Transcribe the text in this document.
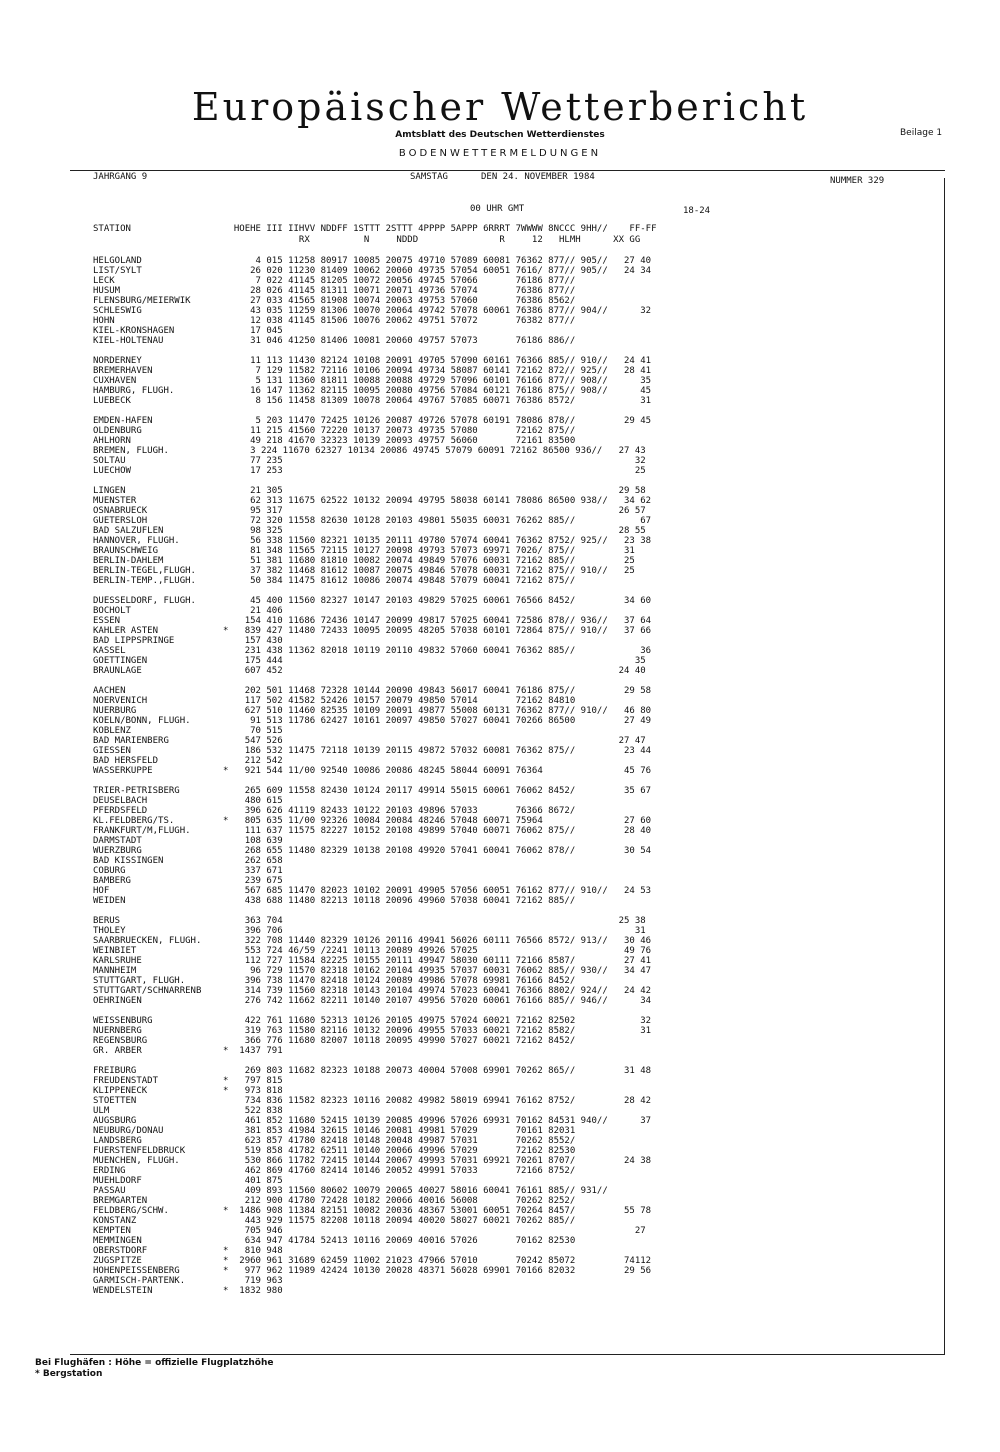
Europäischer Wetterbericht
Amtsblatt des Deutschen Wetterdienstes	Beilage 1
BODENWETTERMELDUNGEN
JAHRGANG 9	SAMSTAG	DEN 24. NOVEMBER 1984	NUMMER 329
00 UHR GMT	18-24
STATION                   HOEHE III IIHVV NDDFF 1STTT 2STTT 4PPPP 5APPP 6RRRT 7WWWW 8NCCC 9HH//    FF-FF
RX          N     NDDD               R     12   HLMH      XX GG
HELGOLAND                     4 015 11258 80917 10085 20075 49710 57089 60081 76362 877// 905//   27 40
LIST/SYLT                    26 020 11230 81409 10062 20060 49735 57054 60051 7616/ 877// 905//   24 34
LECK                          7 022 41145 81205 10072 20056 49745 57066       76186 877//
HUSUM                        28 026 41145 81311 10071 20071 49736 57074       76386 877//
FLENSBURG/MEIERWIK           27 033 41565 81908 10074 20063 49753 57060       76386 8562/
SCHLESWIG                    43 035 11259 81306 10070 20064 49742 57078 60061 76386 877// 904//      32
HOHN                         12 038 41145 81506 10076 20062 49751 57072       76382 877//
KIEL-KRONSHAGEN              17 045
KIEL-HOLTENAU                31 046 41250 81406 10081 20060 49757 57073       76186 886//
NORDERNEY                    11 113 11430 82124 10108 20091 49705 57090 60161 76366 885// 910//   24 41
BREMERHAVEN                   7 129 11582 72116 10106 20094 49734 58087 60141 72162 872// 925//   28 41
CUXHAVEN                      5 131 11360 81811 10088 20088 49729 57096 60101 76166 877// 908//      35
HAMBURG, FLUGH.              16 147 11362 82115 10095 20080 49756 57084 60121 76186 875// 908//      45
LUEBECK                       8 156 11458 81309 10078 20064 49767 57085 60071 76386 8572/            31
EMDEN-HAFEN                   5 203 11470 72425 10126 20087 49726 57078 60191 78086 878//         29 45
OLDENBURG                    11 215 41560 72220 10137 20073 49735 57080       72162 875//
AHLHORN                      49 218 41670 32323 10139 20093 49757 56060       72161 83500
BREMEN, FLUGH.               3 224 11670 62327 10134 20086 49745 57079 60091 72162 86500 936//   27 43
SOLTAU                       77 235                                                                 32
LUECHOW                      17 253                                                                 25
LINGEN                       21 305                                                              29 58
MUENSTER                     62 313 11675 62522 10132 20094 49795 58038 60141 78086 86500 938//   34 62
OSNABRUECK                   95 317                                                              26 57
GUETERSLOH                   72 320 11558 82630 10128 20103 49801 55035 60031 76262 885//            67
BAD SALZUFLEN                98 325                                                              28 55
HANNOVER, FLUGH.             56 338 11560 82321 10135 20111 49780 57074 60041 76362 8752/ 925//   23 38
BRAUNSCHWEIG                 81 348 11565 72115 10127 20098 49793 57073 69971 7026/ 875//         31
BERLIN-DAHLEM                51 381 11680 81810 10082 20074 49849 57076 60031 72162 885//         25
BERLIN-TEGEL,FLUGH.          37 382 11468 81612 10087 20075 49846 57078 60031 72162 875// 910//   25
BERLIN-TEMP.,FLUGH.          50 384 11475 81612 10086 20074 49848 57079 60041 72162 875//
DUESSELDORF, FLUGH.          45 400 11560 82327 10147 20103 49829 57025 60061 76566 8452/         34 60
BOCHOLT                      21 406
ESSEN                       154 410 11686 72436 10147 20099 49817 57025 60041 72586 878// 936//   37 64
KAHLER ASTEN            *   839 427 11480 72433 10095 20095 48205 57038 60101 72864 875// 910//   37 66
BAD LIPPSPRINGE             157 430
KASSEL                      231 438 11362 82018 10119 20110 49832 57060 60041 76362 885//            36
GOETTINGEN                  175 444                                                                 35
BRAUNLAGE                   607 452                                                              24 40
AACHEN                      202 501 11468 72328 10144 20090 49843 56017 60041 76186 875//         29 58
NOERVENICH                  117 502 41582 52426 10157 20079 49850 57014       72162 84810
NUERBURG                    627 510 11460 82535 10109 20091 49877 55008 60131 76362 877// 910//   46 80
KOELN/BONN, FLUGH.           91 513 11786 62427 10161 20097 49850 57027 60041 70266 86500         27 49
KOBLENZ                      70 515
BAD MARIENBERG              547 526                                                              27 47
GIESSEN                     186 532 11475 72118 10139 20115 49872 57032 60081 76362 875//         23 44
BAD HERSFELD                212 542
WASSERKUPPE             *   921 544 11/00 92540 10086 20086 48245 58044 60091 76364               45 76
TRIER-PETRISBERG            265 609 11558 82430 10124 20117 49914 55015 60061 76062 8452/         35 67
DEUSELBACH                  480 615
PFERDSFELD                  396 626 41119 82433 10122 20103 49896 57033       76366 8672/
KL.FELDBERG/TS.         *   805 635 11/00 92326 10084 20084 48246 57048 60071 75964               27 60
FRANKFURT/M,FLUGH.          111 637 11575 82227 10152 20108 49899 57040 60071 76062 875//         28 40
DARMSTADT                   108 639
WUERZBURG                   268 655 11480 82329 10138 20108 49920 57041 60041 76062 878//         30 54
BAD KISSINGEN               262 658
COBURG                      337 671
BAMBERG                     239 675
HOF                         567 685 11470 82023 10102 20091 49905 57056 60051 76162 877// 910//   24 53
WEIDEN                      438 688 11480 82213 10118 20096 49960 57038 60041 72162 885//
BERUS                       363 704                                                              25 38
THOLEY                      396 706                                                                 31
SAARBRUECKEN, FLUGH.        322 708 11440 82329 10126 20116 49941 56026 60111 76566 8572/ 913//   30 46
WEINBIET                    553 724 46/59 /2241 10113 20089 49926 57025                           49 76
KARLSRUHE                   112 727 11584 82225 10155 20111 49947 58030 60111 72166 8587/         27 41
MANNHEIM                     96 729 11570 82318 10162 20104 49935 57037 60031 76062 885// 930//   34 47
STUTTGART, FLUGH.           396 738 11470 82418 10124 20089 49986 57078 69981 76166 8452/
STUTTGART/SCHNARRENB        314 739 11560 82318 10143 20104 49974 57023 60041 76366 8802/ 924//   24 42
OEHRINGEN                   276 742 11662 82211 10140 20107 49956 57020 60061 76166 885// 946//      34
WEISSENBURG                 422 761 11680 52313 10126 20105 49975 57024 60021 72162 82502            32
NUERNBERG                   319 763 11580 82116 10132 20096 49955 57033 60021 72162 8582/            31
REGENSBURG                  366 776 11680 82007 10118 20095 49990 57027 60021 72162 8452/
GR. ARBER               *  1437 791
FREIBURG                    269 803 11682 82323 10188 20073 40004 57008 69901 70262 865//         31 48
FREUDENSTADT            *   797 815
KLIPPENECK              *   973 818
STOETTEN                    734 836 11582 82323 10116 20082 49982 58019 69941 76162 8752/         28 42
ULM                         522 838
AUGSBURG                    461 852 11680 52415 10139 20085 49996 57026 69931 70162 84531 940//      37
NEUBURG/DONAU               381 853 41984 32615 10146 20081 49981 57029       70161 82031
LANDSBERG                   623 857 41780 82418 10148 20048 49987 57031       70262 8552/
FUERSTENFELDBRUCK           519 858 41782 62511 10140 20066 49996 57029       72162 82530
MUENCHEN, FLUGH.            530 866 11782 72415 10144 20067 49993 57031 69921 70261 8707/         24 38
ERDING                      462 869 41760 82414 10146 20052 49991 57033       72166 8752/
MUEHLDORF                   401 875
PASSAU                      409 893 11560 80602 10079 20065 40027 58016 60041 76161 885// 931//
BREMGARTEN                  212 900 41780 72428 10182 20066 40016 56008       70262 8252/
FELDBERG/SCHW.          *  1486 908 11384 82151 10082 20036 48367 53001 60051 70264 8457/         55 78
KONSTANZ                    443 929 11575 82208 10118 20094 40020 58027 60021 70262 885//
KEMPTEN                     705 946                                                                 27
MEMMINGEN                   634 947 41784 52413 10116 20069 40016 57026       70162 82530
OBERSTDORF              *   810 948
ZUGSPITZE               *  2960 961 31689 62459 11002 21023 47966 57010       70242 85072         74112
HOHENPEISSENBERG        *   977 962 11989 42424 10130 20028 48371 56028 69901 70166 82032         29 56
GARMISCH-PARTENK.           719 963
WENDELSTEIN             *  1832 980
Bei Flughäfen : Höhe = offizielle Flugplatzhöhe
* Bergstation
